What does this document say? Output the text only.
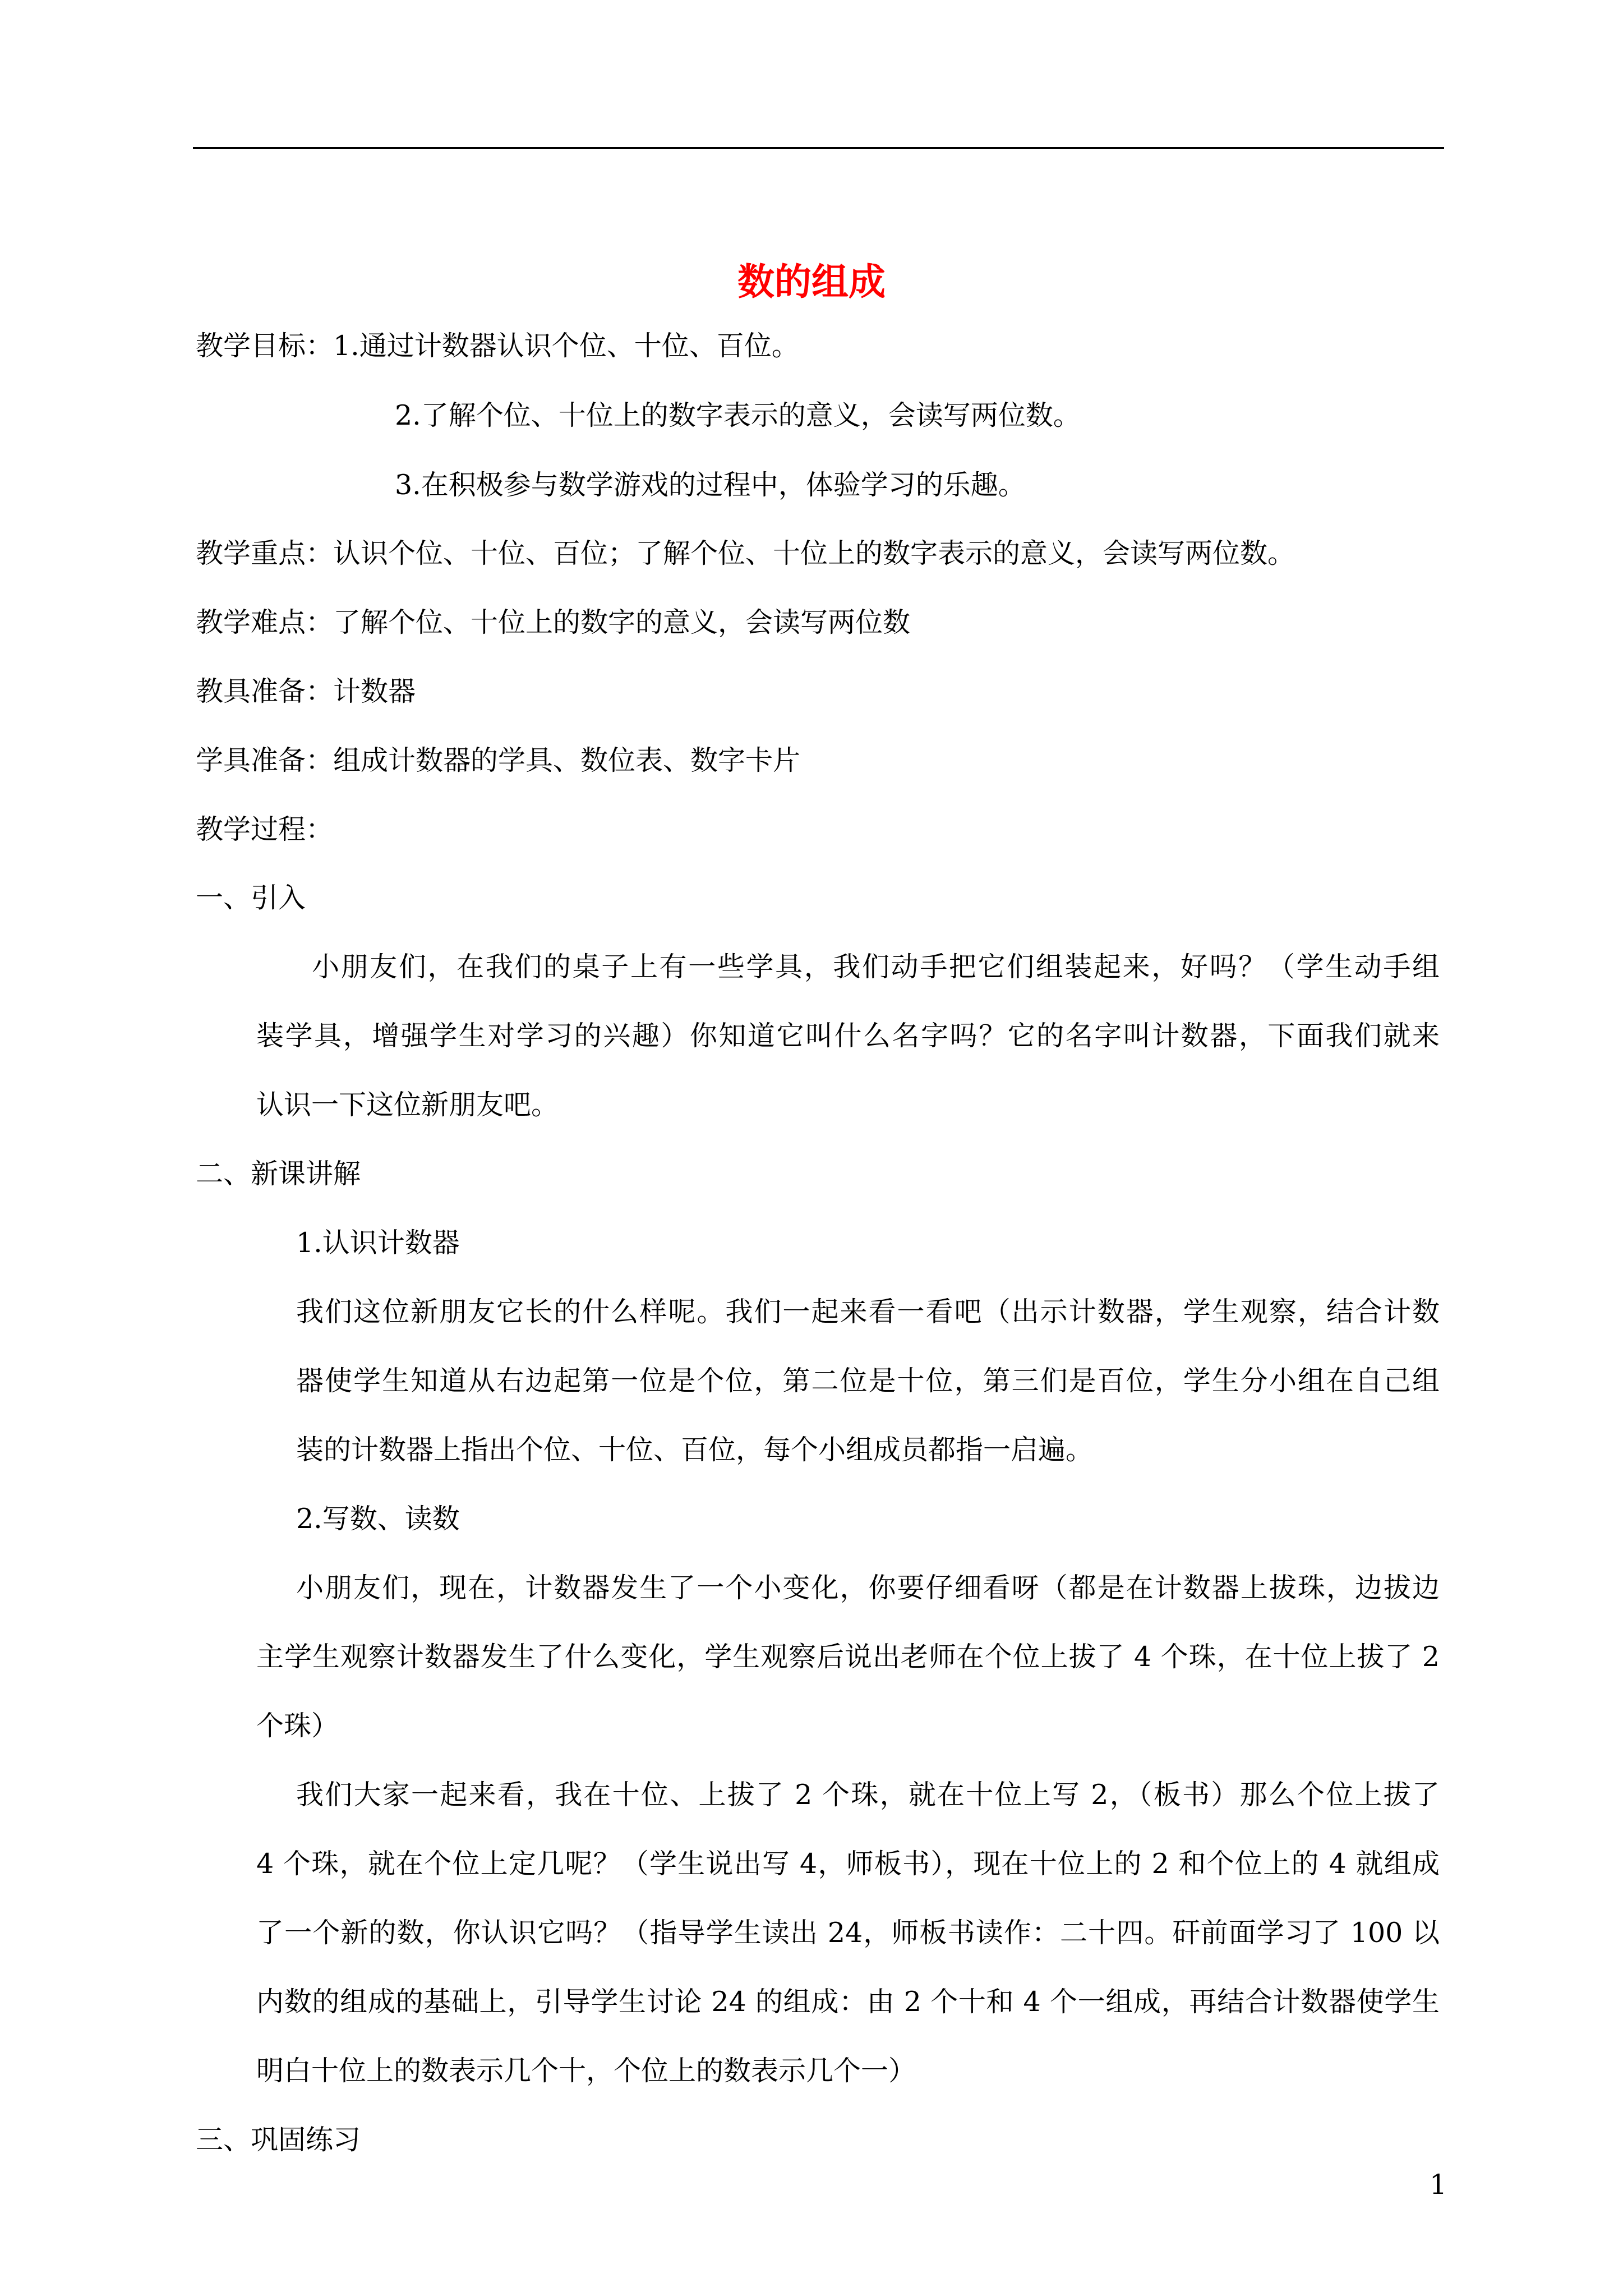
数的组成
教学目标： 1.通过计数器认识个位、十位、百位。
2.了解个位、十位上的数字表示的意义，会读写两位数。
3.在积极参与数学游戏的过程中，体验学习的乐趣。
教学重点：认识个位、十位、百位；了解个位、十位上的数字表示的意义，会读写两位数。
教学难点：了解个位、十位上的数字的意义，会读写两位数
教具准备：计数器
学具准备：组成计数器的学具、数位表、数字卡片
教学过程：
一、引入
小朋友们，在我们的桌子上有一些学具，我们动手把它们组装起来，好吗？（学生动手组
装学具，增强学生对学习的兴趣）你知道它叫什么名字吗？它的名字叫计数器，下面我们就来
认识一下这位新朋友吧。
二、新课讲解
1.认识计数器
我们这位新朋友它长的什么样呢。我们一起来看一看吧（出示计数器，学生观察，结合计数
器使学生知道从右边起第一位是个位，第二位是十位，第三们是百位，学生分小组在自己组
装的计数器上指出个位、十位、百位，每个小组成员都指一启遍。
2.写数、读数
小朋友们，现在，计数器发生了一个小变化，你要仔细看呀（都是在计数器上拔珠，边拔边
主学生观察计数器发生了什么变化，学生观察后说出老师在个位上拔了 4 个珠，在十位上拔了 2
个珠）
我们大家一起来看，我在十位、上拔了 2 个珠，就在十位上写 2，（板书）那么个位上拔了
4 个珠，就在个位上定几呢？（学生说出写 4，师板书），现在十位上的 2 和个位上的 4 就组成
了一个新的数，你认识它吗？（指导学生读出 24，师板书读作：二十四。矸前面学习了 100 以
内数的组成的基础上，引导学生讨论 24 的组成：由 2 个十和 4 个一组成，再结合计数器使学生
明白十位上的数表示几个十，个位上的数表示几个一）
三、巩固练习
1
